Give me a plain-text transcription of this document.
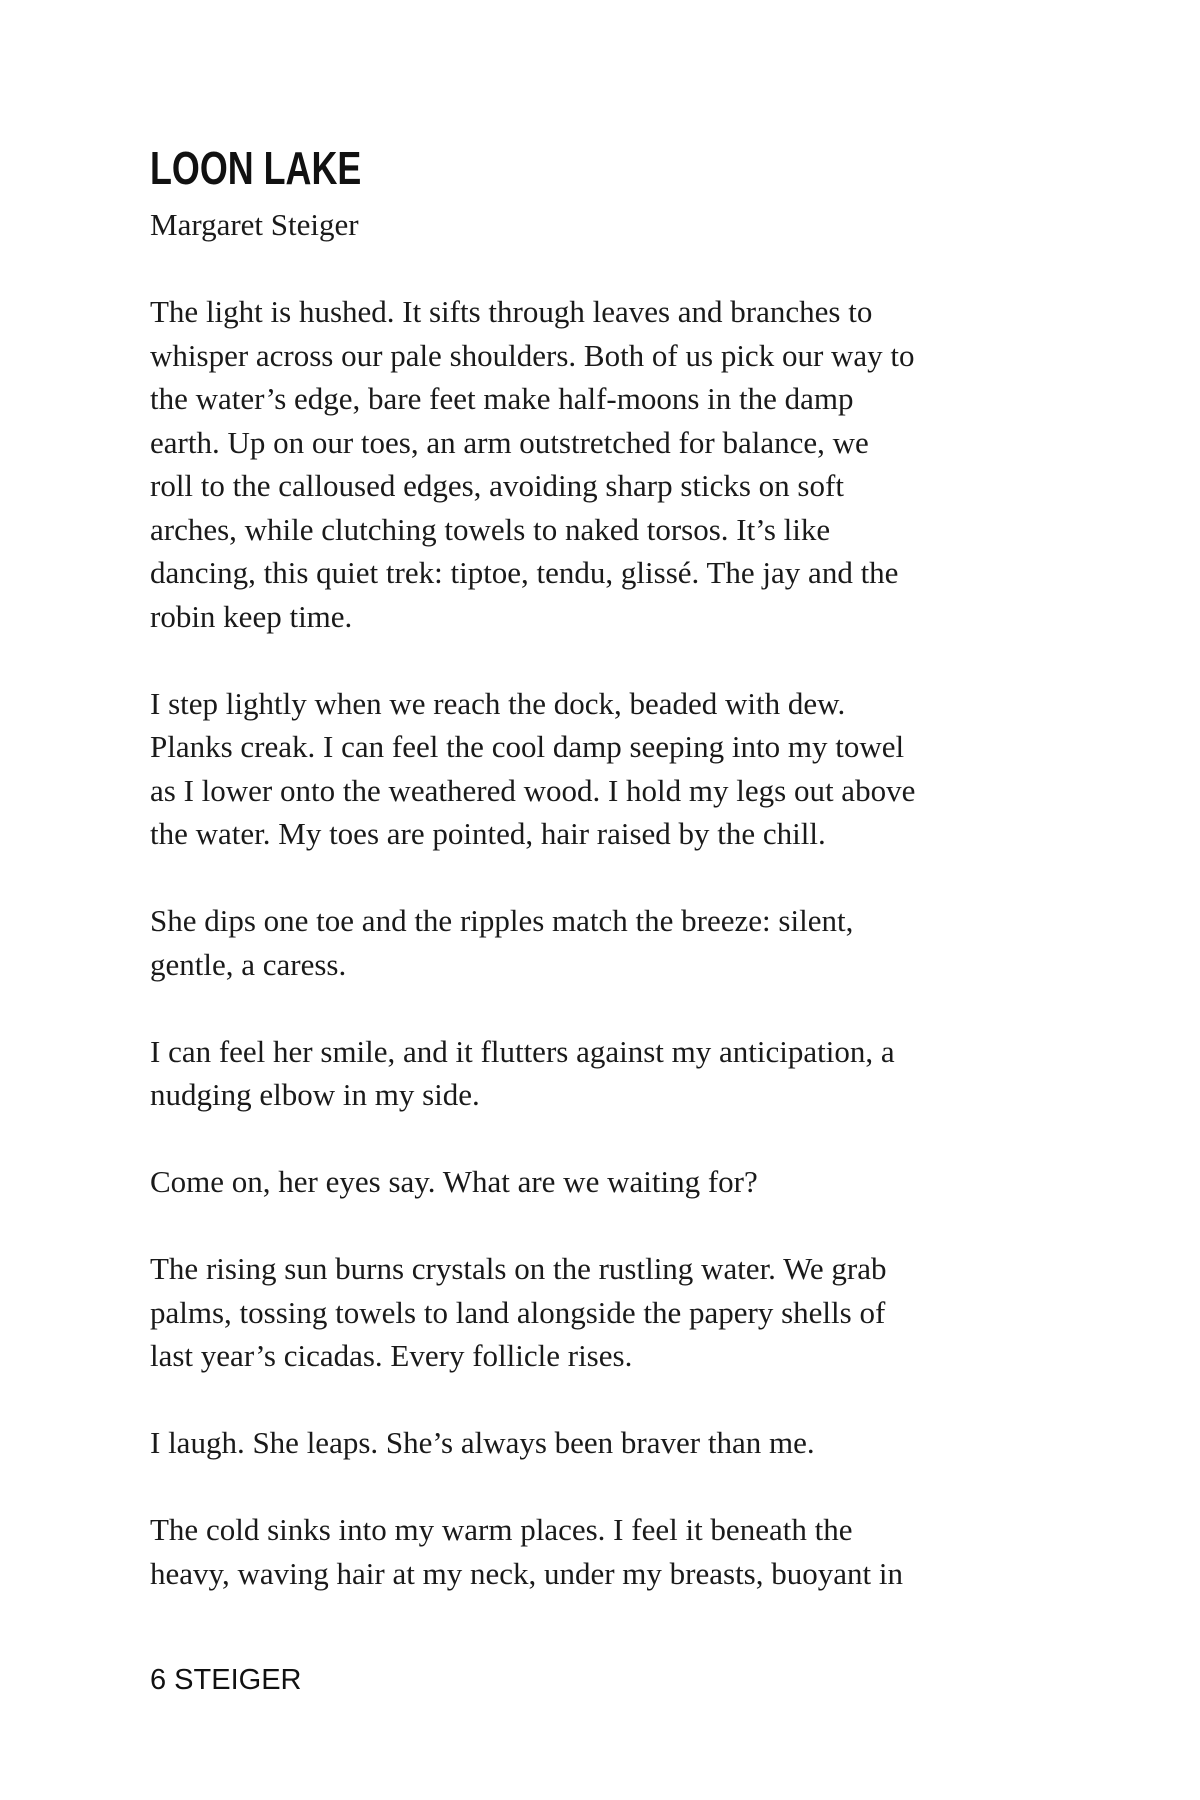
LOON LAKE

Margaret Steiger

The light is hushed. It sifts through leaves and branches to
whisper across our pale shoulders. Both of us pick our way to
the water’s edge, bare feet make half-moons in the damp
earth. Up on our toes, an arm outstretched for balance, we
roll to the calloused edges, avoiding sharp sticks on soft
arches, while clutching towels to naked torsos. It’s like
dancing, this quiet trek: tiptoe, tendu, glissé. The jay and the
robin keep time.

I step lightly when we reach the dock, beaded with dew.
Planks creak. I can feel the cool damp seeping into my towel
as I lower onto the weathered wood. I hold my legs out above
the water. My toes are pointed, hair raised by the chill.

She dips one toe and the ripples match the breeze: silent,
gentle, a caress.

I can feel her smile, and it flutters against my anticipation, a
nudging elbow in my side.

Come on, her eyes say. What are we waiting for?

The rising sun burns crystals on the rustling water. We grab
palms, tossing towels to land alongside the papery shells of
last year’s cicadas. Every follicle rises.

I laugh. She leaps. She’s always been braver than me.

The cold sinks into my warm places. I feel it beneath the
heavy, waving hair at my neck, under my breasts, buoyant in

6 STEIGER
